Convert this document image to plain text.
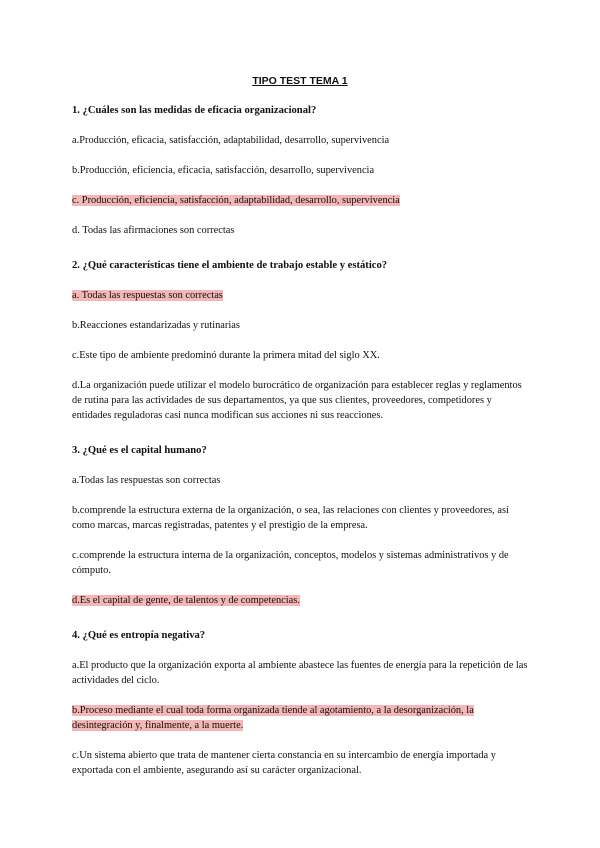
TIPO TEST TEMA 1
1. ¿Cuáles son las medidas de eficacia organizacional?
a.Producción, eficacia, satisfacción, adaptabilidad, desarrollo, supervivencia
b.Producción, eficiencia, eficacia, satisfacción, desarrollo, supervivencia
c. Producción, eficiencia, satisfacción, adaptabilidad, desarrollo, supervivencia
d. Todas las afirmaciones son correctas
2. ¿Qué características tiene el ambiente de trabajo estable y estático?
a. Todas las respuestas son correctas
b.Reacciones estandarizadas y rutinarias
c.Este tipo de ambiente predominó durante la primera mitad del siglo XX.
d.La organización puede utilizar el modelo burocrático de organización para establecer reglas y reglamentos de rutina para las actividades de sus departamentos, ya que sus clientes, proveedores, competidores y entidades reguladoras casi nunca modifican sus acciones ni sus reacciones.
3. ¿Qué es el capital humano?
a.Todas las respuestas son correctas
b.comprende la estructura externa de la organización, o sea, las relaciones con clientes y proveedores, así como marcas, marcas registradas, patentes y el prestigio de la empresa.
c.comprende la estructura interna de la organización, conceptos, modelos y sistemas administrativos y de cómputo.
d.Es el capital de gente, de talentos y de competencias.
4. ¿Qué es entropía negativa?
a.El producto que la organización exporta al ambiente abastece las fuentes de energía para la repetición de las actividades del ciclo.
b.Proceso mediante el cual toda forma organizada tiende al agotamiento, a la desorganización, la desintegración y, finalmente, a la muerte.
c.Un sistema abierto que trata de mantener cierta constancia en su intercambio de energía importada y exportada con el ambiente, asegurando así su carácter organizacional.
